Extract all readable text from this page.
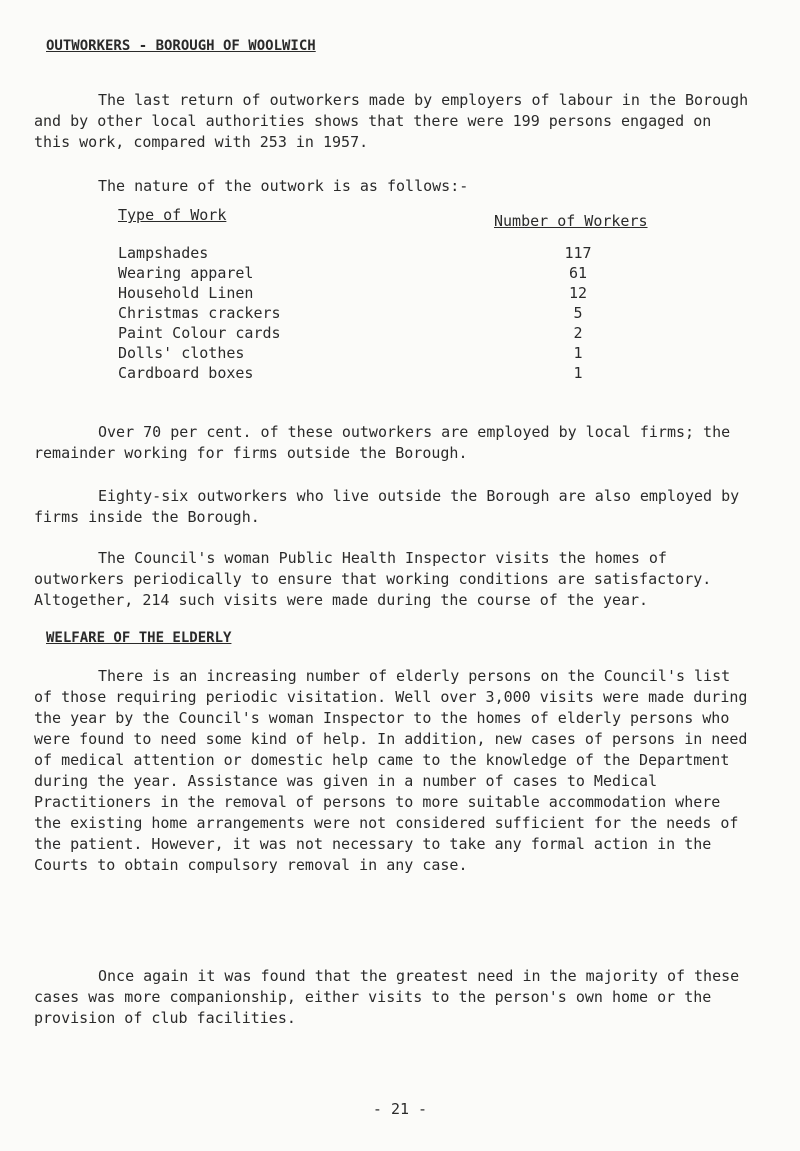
OUTWORKERS - BOROUGH OF WOOLWICH
The last return of outworkers made by employers of labour in the Borough and by other local authorities shows that there were 199 persons engaged on this work, compared with 253 in 1957.
The nature of the outwork is as follows:-
Type of Work	Number of Workers
Lampshades	117
Wearing apparel	61
Household Linen	12
Christmas crackers	5
Paint Colour cards	2
Dolls' clothes	1
Cardboard boxes	1
Over 70 per cent. of these outworkers are employed by local firms; the remainder working for firms outside the Borough.
Eighty-six outworkers who live outside the Borough are also employed by firms inside the Borough.
The Council's woman Public Health Inspector visits the homes of outworkers periodically to ensure that working conditions are satisfactory. Altogether, 214 such visits were made during the course of the year.
WELFARE OF THE ELDERLY
There is an increasing number of elderly persons on the Council's list of those requiring periodic visitation. Well over 3,000 visits were made during the year by the Council's woman Inspector to the homes of elderly persons who were found to need some kind of help. In addition, new cases of persons in need of medical attention or domestic help came to the knowledge of the Department during the year. Assistance was given in a number of cases to Medical Practitioners in the removal of persons to more suitable accommodation where the existing home arrangements were not considered sufficient for the needs of the patient. However, it was not necessary to take any formal action in the Courts to obtain compulsory removal in any case.
Once again it was found that the greatest need in the majority of these cases was more companionship, either visits to the person's own home or the provision of club facilities.
- 21 -
